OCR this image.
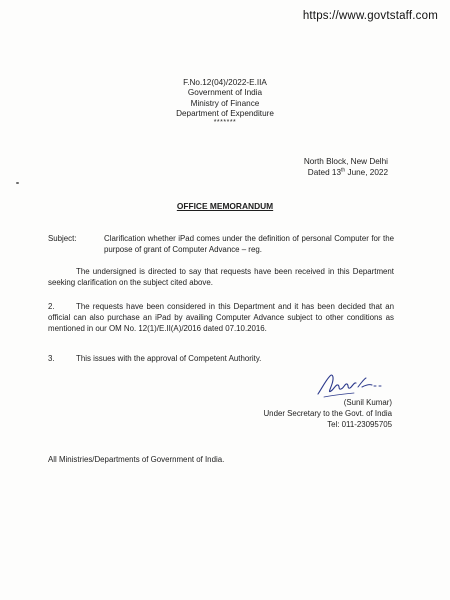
https://www.govtstaff.com
F.No.12(04)/2022-E.IIA
Government of India
Ministry of Finance
Department of Expenditure
*******
North Block, New Delhi
Dated 13th June, 2022
OFFICE MEMORANDUM
Subject:	Clarification whether iPad comes under the definition of personal Computer for the purpose of grant of Computer Advance – reg.
The undersigned is directed to say that requests have been received in this Department seeking clarification on the subject cited above.
2.	The requests have been considered in this Department and it has been decided that an official can also purchase an iPad by availing Computer Advance subject to other conditions as mentioned in our OM No. 12(1)/E.II(A)/2016 dated 07.10.2016.
3.	This issues with the approval of Competent Authority.
(Sunil Kumar)
Under Secretary to the Govt. of India
Tel: 011-23095705
All Ministries/Departments of Government of India.
